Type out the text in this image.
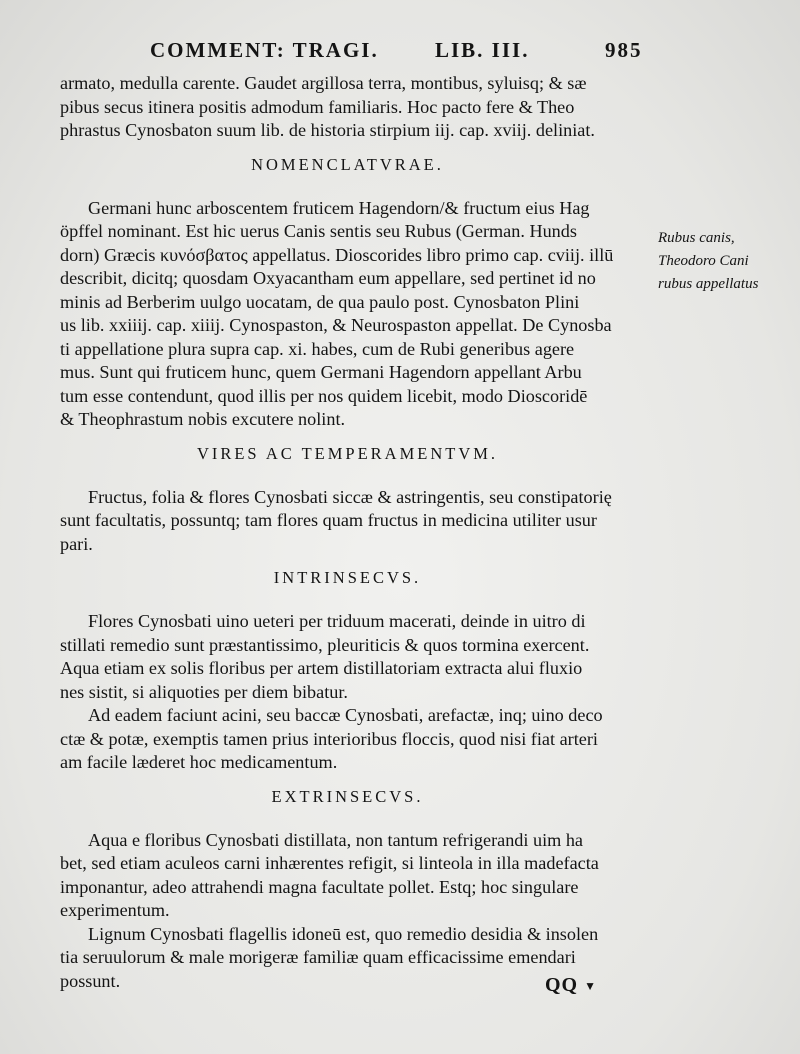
COMMENT: TRAGI.	LIB. III.	985
armato, medulla carente. Gaudet argillosa terra, montibus, syluisq; & sæ
pibus secus itinera positis admodum familiaris. Hoc pacto fere & Theo
phrastus Cynosbaton suum lib. de historia stirpium iij. cap. xviij. deliniat.
NOMENCLATVRAE.
Germani hunc arboscentem fruticem Hagendorn/& fructum eius Hag
öpffel nominant. Est hic uerus Canis sentis seu Rubus (German. Hunds
dorn) Græcis κυνόσβατος appellatus. Dioscorides libro primo cap. cviij. illū
describit, dicitq; quosdam Oxyacantham eum appellare, sed pertinet id no
minis ad Berberim uulgo uocatam, de qua paulo post. Cynosbaton Plini
us lib. xxiiij. cap. xiiij. Cynospaston, & Neurospaston appellat. De Cynosba
ti appellatione plura supra cap. xi. habes, cum de Rubi generibus agere
mus. Sunt qui fruticem hunc, quem Germani Hagendorn appellant Arbu
tum esse contendunt, quod illis per nos quidem licebit, modo Dioscoridē
& Theophrastum nobis excutere nolint.
VIRES AC TEMPERAMENTVM.
Fructus, folia & flores Cynosbati siccæ & astringentis, seu constipatorię
sunt facultatis, possuntq; tam flores quam fructus in medicina utiliter usur
pari.
INTRINSECVS.
Flores Cynosbati uino ueteri per triduum macerati, deinde in uitro di
stillati remedio sunt præstantissimo, pleuriticis & quos tormina exercent.
Aqua etiam ex solis floribus per artem distillatoriam extracta alui fluxio
nes sistit, si aliquoties per diem bibatur.
Ad eadem faciunt acini, seu baccæ Cynosbati, arefactæ, inq; uino deco
ctæ & potæ, exemptis tamen prius interioribus floccis, quod nisi fiat arteri
am facile læderet hoc medicamentum.
EXTRINSECVS.
Aqua e floribus Cynosbati distillata, non tantum refrigerandi uim ha
bet, sed etiam aculeos carni inhærentes refigit, si linteola in illa madefacta
imponantur, adeo attrahendi magna facultate pollet. Estq; hoc singulare
experimentum.
Lignum Cynosbati flagellis idoneū est, quo remedio desidia & insolen
tia seruulorum & male morigeræ familiæ quam efficacissime emendari
possunt.
Rubus canis,
Theodoro Cani
rubus appellatus
QQ ▼
